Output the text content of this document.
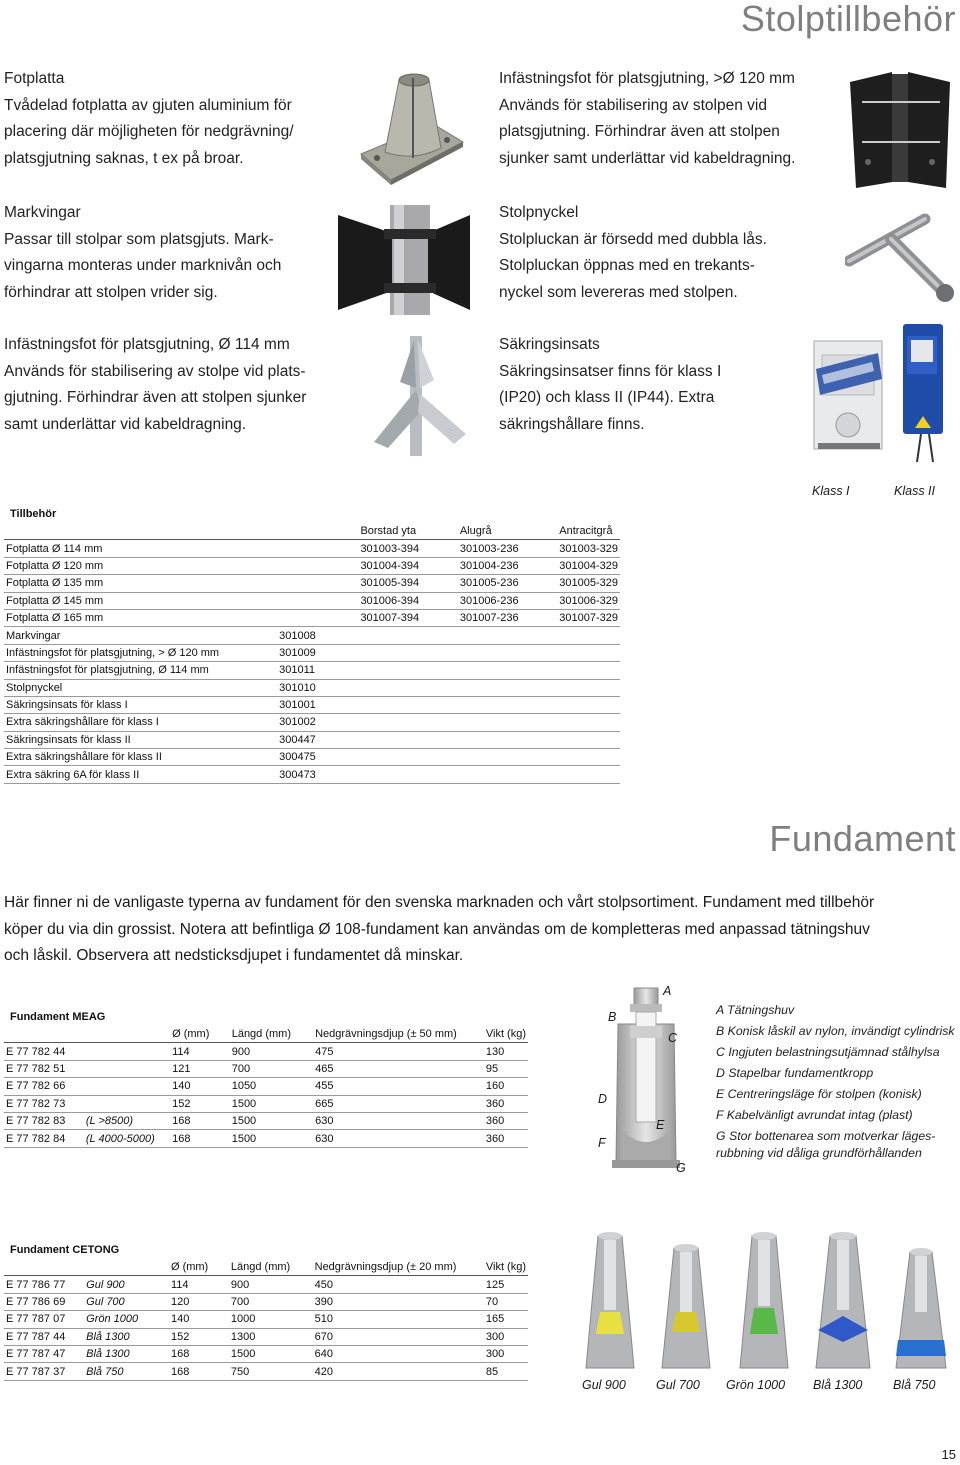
Stolptillbehör
Fotplatta
Tvådelad fotplatta av gjuten aluminium för
placering där möjligheten för nedgrävning/
platsgjutning saknas, t ex på broar.
Infästningsfot för platsgjutning, >Ø 120 mm
Används för stabilisering av stolpen vid
platsgjutning. Förhindrar även att stolpen
sjunker samt underlättar vid kabeldragning.
Markvingar
Passar till stolpar som platsgjuts. Mark-
vingarna monteras under marknivån och
förhindrar att stolpen vrider sig.
Stolpnyckel
Stolpluckan är försedd med dubbla lås.
Stolpluckan öppnas med en trekants-
nyckel som levereras med stolpen.
Infästningsfot för platsgjutning, Ø 114 mm
Används för stabilisering av stolpe vid plats-
gjutning. Förhindrar även att stolpen sjunker
samt underlättar vid kabeldragning.
Säkringsinsats
Säkringsinsatser finns för klass I
(IP20) och klass II (IP44). Extra
säkringshållare finns.
Klass I	Klass II
Tillbehör				
		Borstad yta	Alugrå	Antracitgrå
Fotplatta Ø 114 mm		301003-394	301003-236	301003-329
Fotplatta Ø 120 mm		301004-394	301004-236	301004-329
Fotplatta Ø 135 mm		301005-394	301005-236	301005-329
Fotplatta Ø 145 mm		301006-394	301006-236	301006-329
Fotplatta Ø 165 mm		301007-394	301007-236	301007-329
Markvingar	301008			
Infästningsfot för platsgjutning, > Ø 120 mm	301009			
Infästningsfot för platsgjutning, Ø 114 mm	301011			
Stolpnyckel	301010			
Säkringsinsats för klass I	301001			
Extra säkringshållare för klass I	301002			
Säkringsinsats för klass II	300447			
Extra säkringshållare för klass II	300475			
Extra säkring 6A för klass II	300473			
Fundament
Här finner ni de vanligaste typerna av fundament för den svenska marknaden och vårt stolpsortiment. Fundament med tillbehör
köper du via din grossist. Notera att befintliga Ø 108-fundament kan användas om de kompletteras med anpassad tätningshuv
och låskil. Observera att nedsticksdjupet i fundamentet då minskar.
Fundament MEAG					
		Ø (mm)	Längd (mm)	Nedgrävningsdjup (± 50 mm)	Vikt (kg)
E 77 782 44		114	900	475	130
E 77 782 51		121	700	465	95
E 77 782 66		140	1050	455	160
E 77 782 73		152	1500	665	360
E 77 782 83	(L >8500)	168	1500	630	360
E 77 782 84	(L 4000-5000)	168	1500	630	360
A
B
C
D
E
F
G
A Tätningshuv
B Konisk låskil av nylon, invändigt cylindrisk
C Ingjuten belastningsutjämnad stålhylsa
D Stapelbar fundamentkropp
E Centreringsläge för stolpen (konisk)
F Kabelvänligt avrundat intag (plast)
G Stor bottenarea som motverkar läges-rubbning vid dåliga grundförhållanden
Fundament CETONG					
		Ø (mm)	Längd (mm)	Nedgrävningsdjup (± 20 mm)	Vikt (kg)
E 77 786 77	Gul 900	114	900	450	125
E 77 786 69	Gul 700	120	700	390	70
E 77 787 07	Grön 1000	140	1000	510	165
E 77 787 44	Blå 1300	152	1300	670	300
E 77 787 47	Blå 1300	168	1500	640	300
E 77 787 37	Blå 750	168	750	420	85
Gul 900 Gul 700 Grön 1000 Blå 1300 Blå 750
15
